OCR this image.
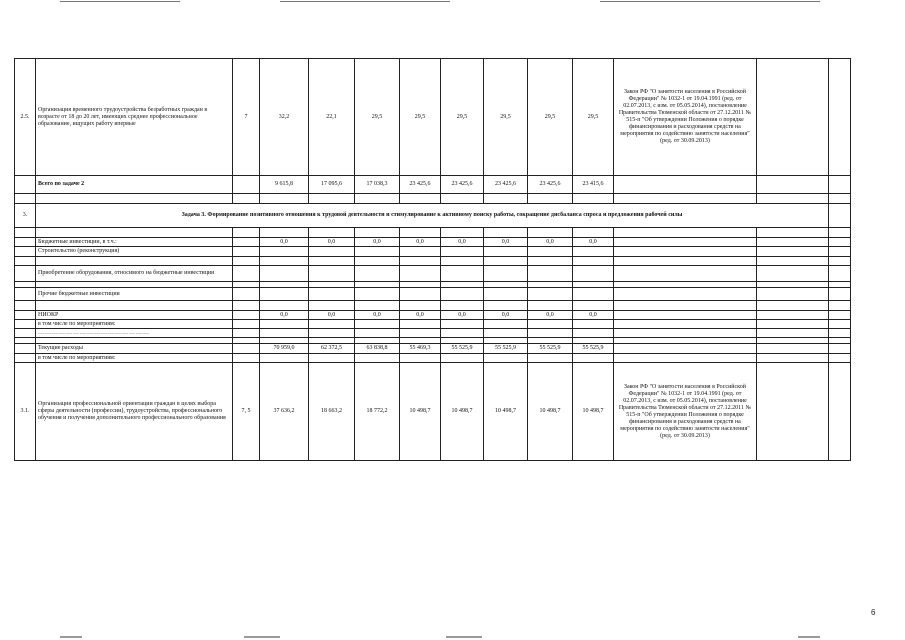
2.5.	Организация временного трудоустройства безработных граждан в возрасте от 18 до 20 лет, имеющих среднее профессиональное образование, ищущих работу впервые	7	32,2	22,1	29,5	29,5	29,5	29,5	29,5	29,5	Закон РФ "О занятости населения в Российской Федерации" № 1032-1 от 19.04.1991 (ред. от 02.07.2013, с изм. от 05.05.2014), постановление Правительства Тюменской области от 27.12.2011 № 515-п "Об утверждении Положения о порядке финансирования и расходования средств на мероприятия по содействию занятости населения" (ред. от 30.09.2013)		
	Всего по задаче 2		9 615,8	17 095,6	17 038,3	23 425,6	23 425,6	23 425,6	23 425,6	23 415,6			

3.	Задача 3. Формирование позитивного отношения к трудовой деятельности и стимулирование к активному поиску работы, сокращение дисбаланса спроса и предложения рабочей силы												

	Бюджетные инвестиции, в т.ч.:		0,0	0,0	0,0	0,0	0,0	0,0	0,0	0,0			
	Строительство (реконструкция)												

	Приобретение оборудования, относимого на бюджетные инвестиции												

	Прочие бюджетные инвестиции												

	НИОКР		0,0	0,0	0,0	0,0	0,0	0,0	0,0	0,0			
	в том числе по мероприятиям:												
	…………………………………………												

	Текущие расходы		70 959,0	62 372,5	63 838,8	55 469,3	55 525,9	55 525,9	55 525,9	55 525,9			
	в том числе по мероприятиям:												
3.1.	Организация профессиональной ориентации граждан в целях выбора сферы деятельности (профессии), трудоустройства, профессионального обучения и получения дополнительного профессионального образования	7, 5	37 636,2	18 663,2	18 772,2	10 498,7	10 498,7	10 498,7	10 498,7	10 498,7	Закон РФ "О занятости населения в Российской Федерации" № 1032-1 от 19.04.1991 (ред. от 02.07.2013, с изм. от 05.05.2014), постановление Правительства Тюменской области от 27.12.2011 № 515-п "Об утверждении Положения о порядке финансирования и расходования средств на мероприятия по содействию занятости населения" (ред. от 30.09.2013)		
6
